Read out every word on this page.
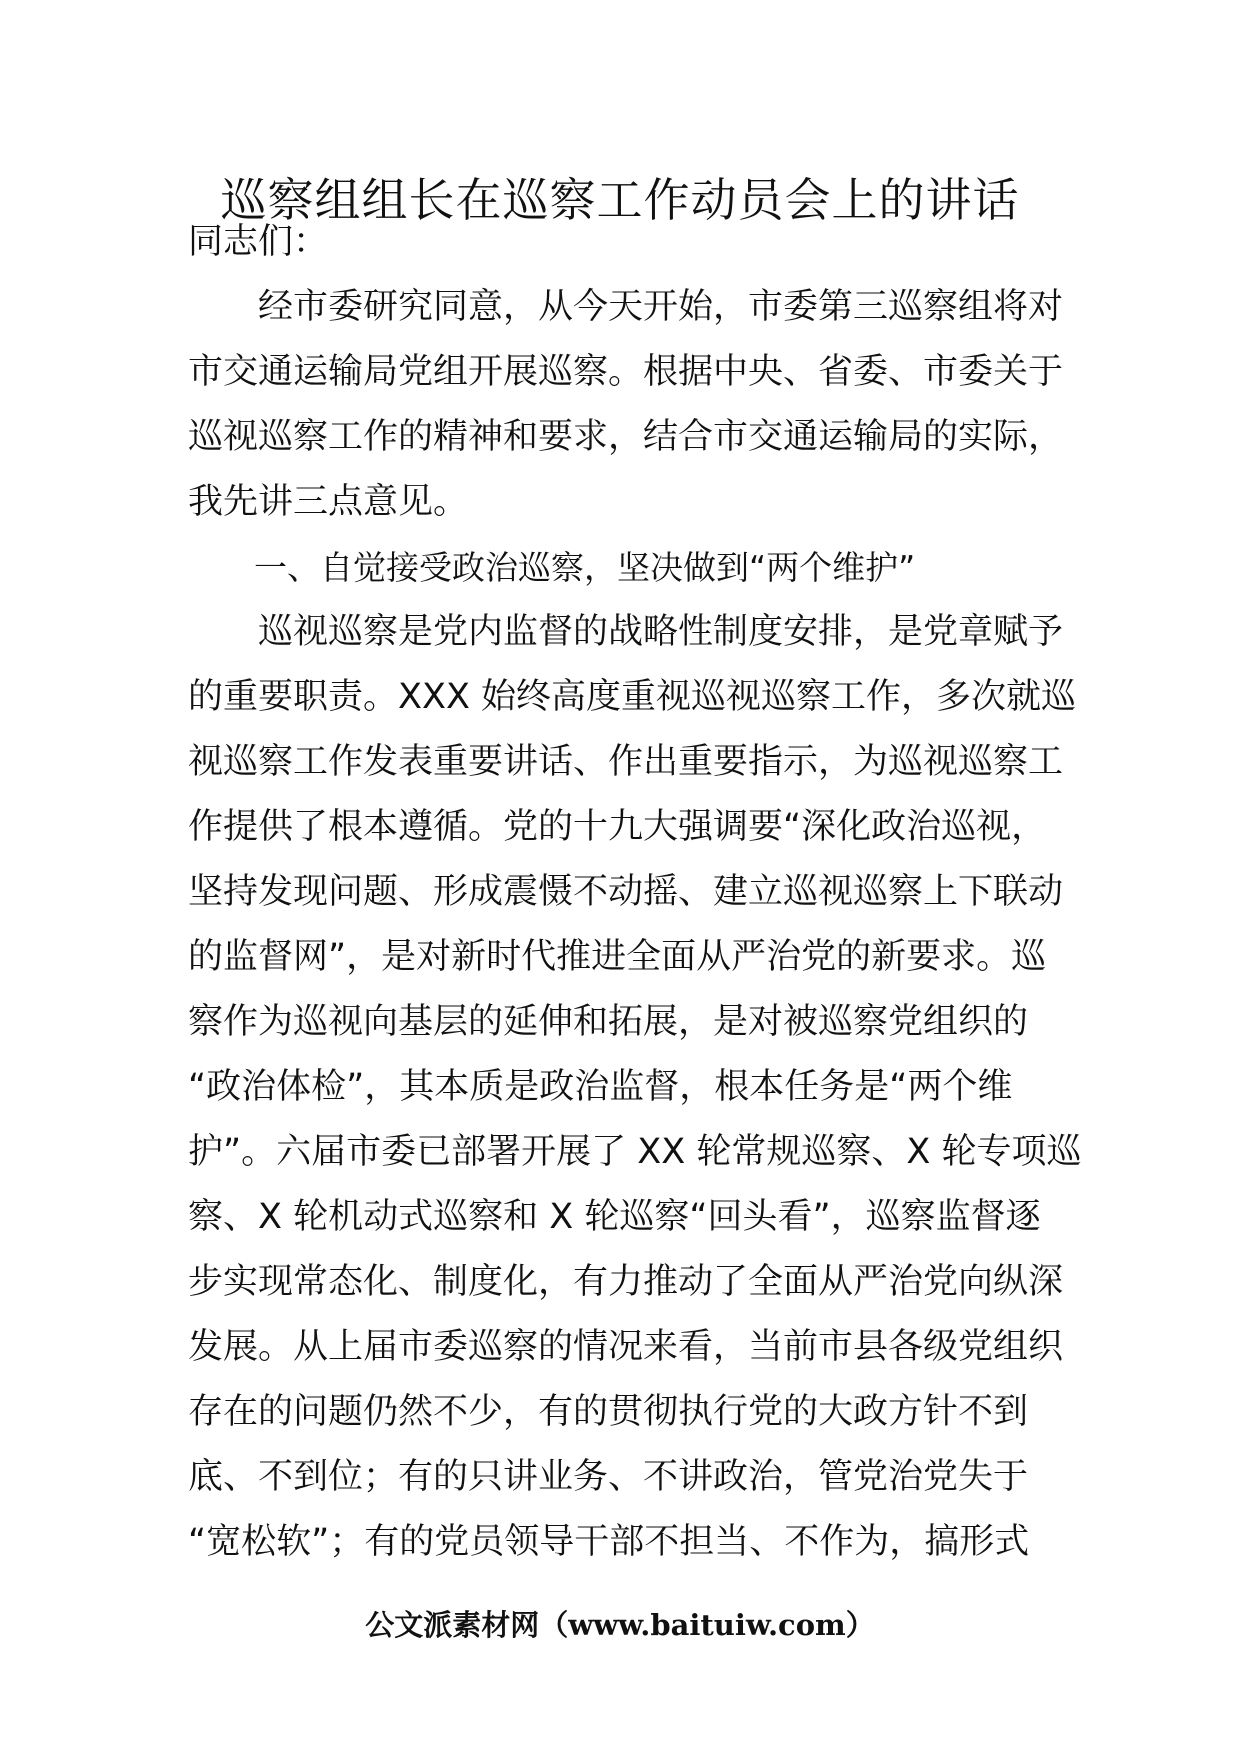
巡察组组长在巡察工作动员会上的讲话
同志们：
　　经市委研究同意，从今天开始，市委第三巡察组将对
市交通运输局党组开展巡察。根据中央、省委、市委关于
巡视巡察工作的精神和要求，结合市交通运输局的实际，
我先讲三点意见。
一、自觉接受政治巡察，坚决做到“两个维护”
　　巡视巡察是党内监督的战略性制度安排，是党章赋予
的重要职责。XXX 始终高度重视巡视巡察工作，多次就巡
视巡察工作发表重要讲话、作出重要指示，为巡视巡察工
作提供了根本遵循。党的十九大强调要“深化政治巡视，
坚持发现问题、形成震慑不动摇、建立巡视巡察上下联动
的监督网”，是对新时代推进全面从严治党的新要求。巡
察作为巡视向基层的延伸和拓展，是对被巡察党组织的
“政治体检”，其本质是政治监督，根本任务是“两个维
护”。六届市委已部署开展了 XX 轮常规巡察、X 轮专项巡
察、X 轮机动式巡察和 X 轮巡察“回头看”，巡察监督逐
步实现常态化、制度化，有力推动了全面从严治党向纵深
发展。从上届市委巡察的情况来看，当前市县各级党组织
存在的问题仍然不少，有的贯彻执行党的大政方针不到
底、不到位；有的只讲业务、不讲政治，管党治党失于
“宽松软”；有的党员领导干部不担当、不作为，搞形式
公文派素材网（www.baituiw.com）
